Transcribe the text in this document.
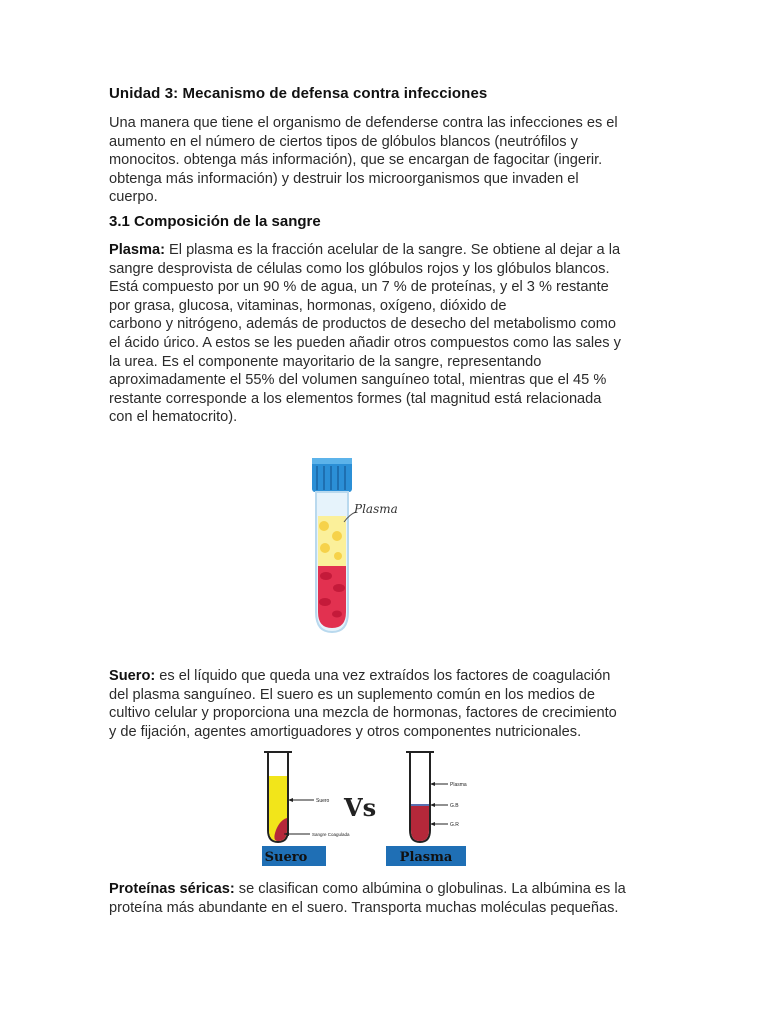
Unidad 3: Mecanismo de defensa contra infecciones
Una manera que tiene el organismo de defenderse contra las infecciones es el
aumento en el número de ciertos tipos de glóbulos blancos (neutrófilos y
monocitos. obtenga más información), que se encargan de fagocitar (ingerir.
obtenga más información) y destruir los microorganismos que invaden el
cuerpo.
3.1 Composición de la sangre
Plasma: El plasma es la fracción acelular de la sangre. Se obtiene al dejar a la
sangre desprovista de células como los glóbulos rojos y los glóbulos blancos.
Está compuesto por un 90 % de agua, un 7 % de proteínas, y el 3 % restante
por grasa, glucosa, vitaminas, hormonas, oxígeno, dióxido de
carbono y nitrógeno, además de productos de desecho del metabolismo como
el ácido úrico. A estos se les pueden añadir otros compuestos como las sales y
la urea. Es el componente mayoritario de la sangre, representando
aproximadamente el 55% del volumen sanguíneo total, mientras que el 45 %
restante corresponde a los elementos formes (tal magnitud está relacionada
con el hematocrito).
Plasma
Suero: es el líquido que queda una vez extraídos los factores de coagulación
del plasma sanguíneo. El suero es un suplemento común en los medios de
cultivo celular y proporciona una mezcla de hormonas, factores de crecimiento
y de fijación, agentes amortiguadores y otros componentes nutricionales.
Suero
Sangre Coagulada
Vs
Plasma
G.B
G.R
Suero	Plasma
Proteínas séricas: se clasifican como albúmina o globulinas. La albúmina es la
proteína más abundante en el suero. Transporta muchas moléculas pequeñas.
